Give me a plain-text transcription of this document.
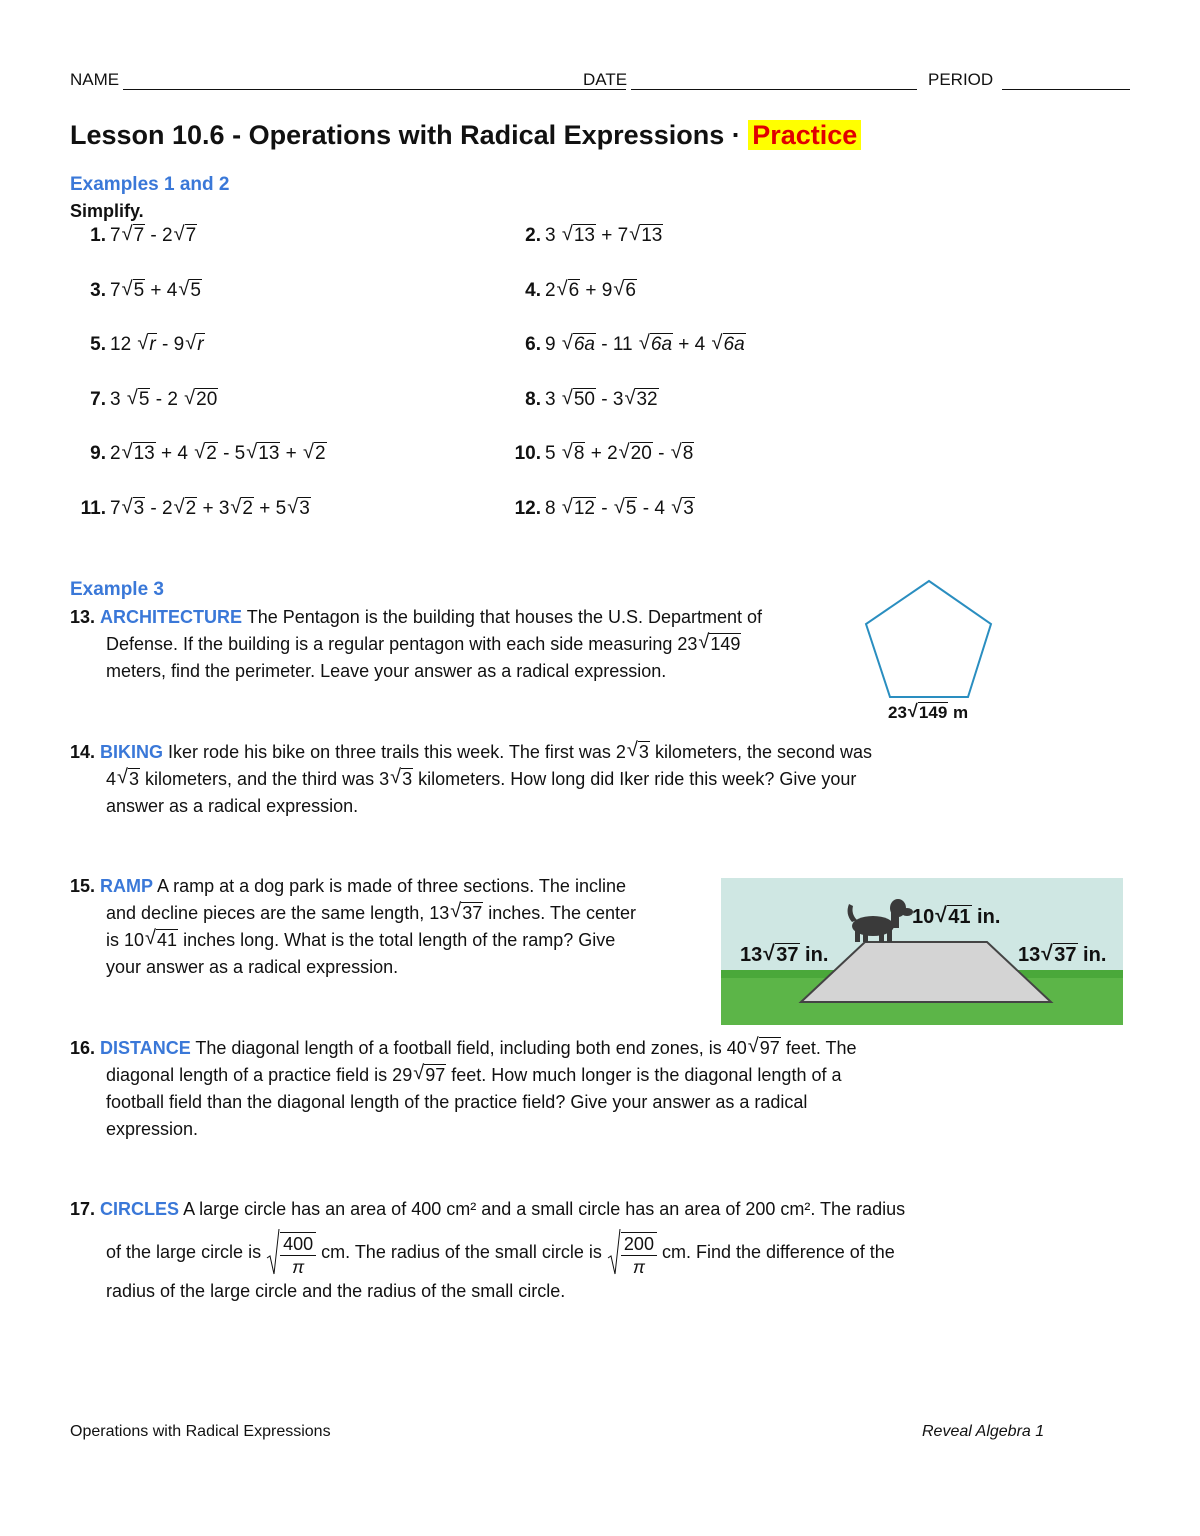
NAME	DATE	PERIOD
Lesson 10.6 - Operations with Radical Expressions · Practice
Examples 1 and 2
Simplify.
1. 7 √ 7 - 2 √ 7	2. 3 √ 13 + 7 √ 13
3. 7 √ 5 + 4 √ 5	4. 2 √ 6 + 9 √ 6
5. 12 √ r - 9 √ r	6. 9 √ 6a - 11 √ 6a + 4 √ 6a
7. 3 √ 5 - 2 √ 20	8. 3 √ 50 - 3 √ 32
9. 2 √ 13 + 4 √ 2 - 5 √ 13 + √ 2	10. 5 √ 8 + 2 √ 20 - √ 8
11. 7 √ 3 - 2 √ 2 + 3 √ 2 + 5 √ 3	12. 8 √ 12 - √ 5 - 4 √ 3
Example 3
13. ARCHITECTURE The Pentagon is the building that houses the U.S. Department of
Defense. If the building is a regular pentagon with each side measuring 23 √ 149
meters, find the perimeter. Leave your answer as a radical expression.
23 √ 149 m
14. BIKING Iker rode his bike on three trails this week. The first was 2 √ 3 kilometers, the second was
4 √ 3 kilometers, and the third was 3 √ 3 kilometers. How long did Iker ride this week? Give your
answer as a radical expression.
15. RAMP A ramp at a dog park is made of three sections. The incline
and decline pieces are the same length, 13 √ 37 inches. The center
is 10 √ 41 inches long. What is the total length of the ramp? Give
your answer as a radical expression.
10 √ 41 in.
13 √ 37 in.	13 √ 37 in.
16. DISTANCE The diagonal length of a football field, including both end zones, is 40 √ 97 feet. The
diagonal length of a practice field is 29 √ 97 feet. How much longer is the diagonal length of a
football field than the diagonal length of the practice field? Give your answer as a radical
expression.
17. CIRCLES A large circle has an area of 400 cm² and a small circle has an area of 200 cm². The radius
of the large circle is $\frac{400}{\pi}$ cm. The radius of the small circle is $\frac{200}{\pi}$ cm. Find the difference of the
radius of the large circle and the radius of the small circle.
Operations with Radical Expressions	Reveal Algebra 1
